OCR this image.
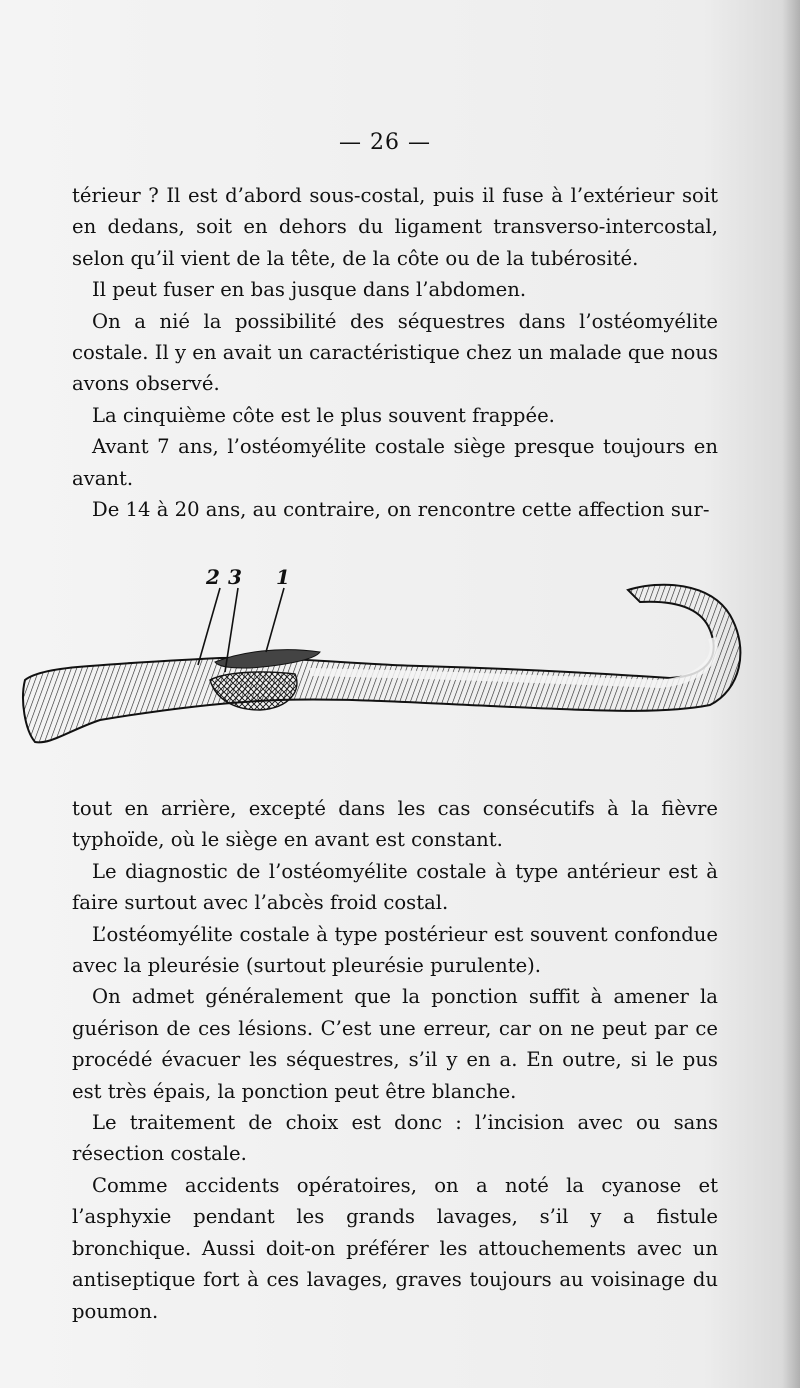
— 26 —

térieur ? Il est d’abord sous-costal, puis il fuse à l’extérieur soit en dedans, soit en dehors du ligament transverso-intercostal, selon qu’il vient de la tête, de la côte ou de la tubérosité.

Il peut fuser en bas jusque dans l’abdomen.

On a nié la possibilité des séquestres dans l’ostéomyélite costale. Il y en avait un caractéristique chez un malade que nous avons observé.

La cinquième côte est le plus souvent frappée.

Avant 7 ans, l’ostéomyélite costale siège presque toujours en avant.

De 14 à 20 ans, au contraire, on rencontre cette affection sur-

2 3 1

tout en arrière, excepté dans les cas consécutifs à la fièvre typhoïde, où le siège en avant est constant.

Le diagnostic de l’ostéomyélite costale à type antérieur est à faire surtout avec l’abcès froid costal.

L’ostéomyélite costale à type postérieur est souvent confondue avec la pleurésie (surtout pleurésie purulente).

On admet généralement que la ponction suffit à amener la guérison de ces lésions. C’est une erreur, car on ne peut par ce procédé évacuer les séquestres, s’il y en a. En outre, si le pus est très épais, la ponction peut être blanche.

Le traitement de choix est donc : l’incision avec ou sans résection costale.

Comme accidents opératoires, on a noté la cyanose et l’asphyxie pendant les grands lavages, s’il y a fistule bronchique. Aussi doit-on préférer les attouchements avec un antiseptique fort à ces lavages, graves toujours au voisinage du poumon.
